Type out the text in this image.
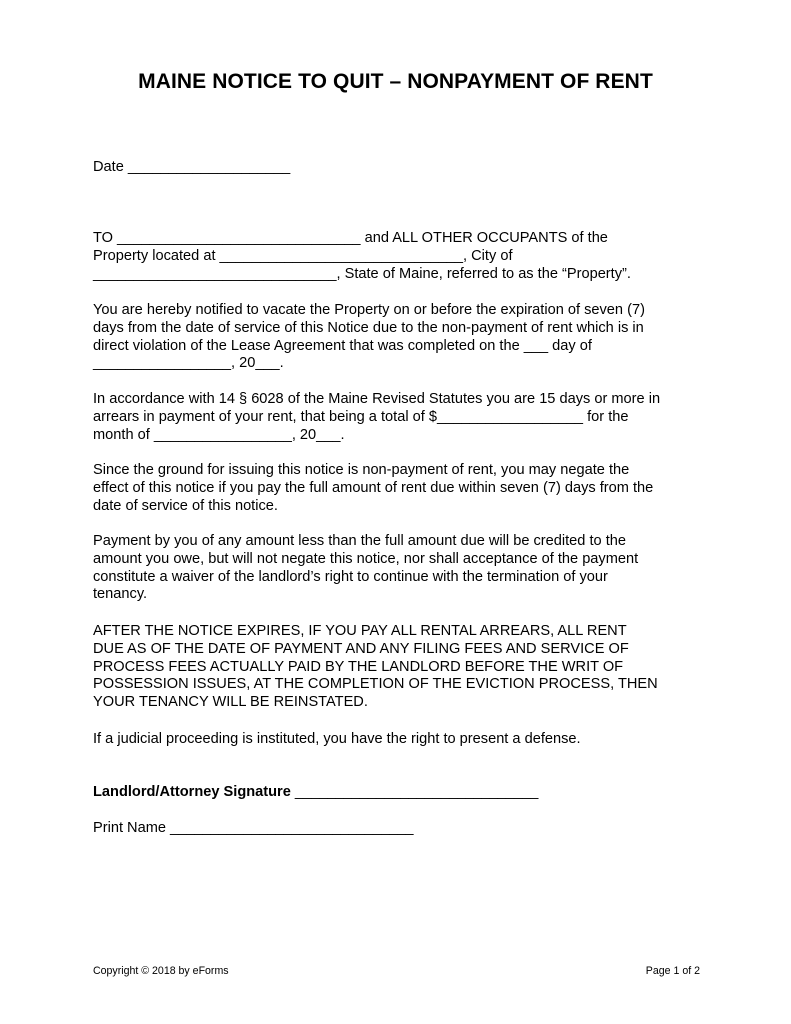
MAINE NOTICE TO QUIT – NONPAYMENT OF RENT
Date ____________________
TO ______________________________ and ALL OTHER OCCUPANTS of the
Property located at ______________________________, City of
______________________________, State of Maine, referred to as the “Property”.
You are hereby notified to vacate the Property on or before the expiration of seven (7)
days from the date of service of this Notice due to the non-payment of rent which is in
direct violation of the Lease Agreement that was completed on the ___ day of
_________________, 20___.
In accordance with 14 § 6028 of the Maine Revised Statutes you are 15 days or more in
arrears in payment of your rent, that being a total of $__________________ for the
month of _________________, 20___.
Since the ground for issuing this notice is non-payment of rent, you may negate the
effect of this notice if you pay the full amount of rent due within seven (7) days from the
date of service of this notice.
Payment by you of any amount less than the full amount due will be credited to the
amount you owe, but will not negate this notice, nor shall acceptance of the payment
constitute a waiver of the landlord’s right to continue with the termination of your
tenancy.
AFTER THE NOTICE EXPIRES, IF YOU PAY ALL RENTAL ARREARS, ALL RENT
DUE AS OF THE DATE OF PAYMENT AND ANY FILING FEES AND SERVICE OF
PROCESS FEES ACTUALLY PAID BY THE LANDLORD BEFORE THE WRIT OF
POSSESSION ISSUES, AT THE COMPLETION OF THE EVICTION PROCESS, THEN
YOUR TENANCY WILL BE REINSTATED.
If a judicial proceeding is instituted, you have the right to present a defense.
Landlord/Attorney Signature ______________________________
Print Name ______________________________
Copyright © 2018 by eForms	Page 1 of 2
